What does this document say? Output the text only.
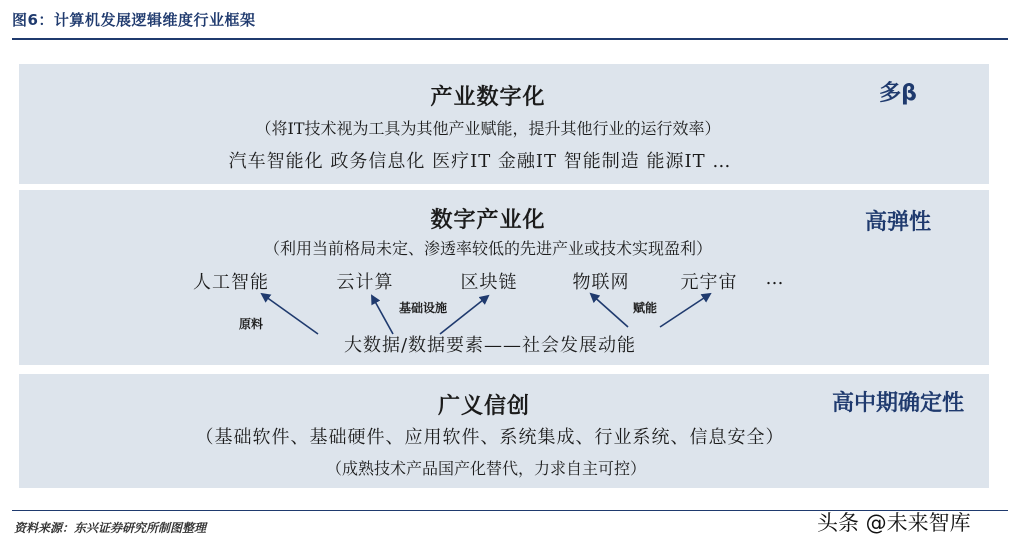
图6：计算机发展逻辑维度行业框架
产业数字化
（将IT技术视为工具为其他产业赋能，提升其他行业的运行效率）
汽车智能化 政务信息化 医疗IT 金融IT 智能制造 能源IT …
多β
数字产业化
（利用当前格局未定、渗透率较低的先进产业或技术实现盈利）
高弹性
人工智能	云计算	区块链	物联网	元宇宙 …
原料
基础设施	赋能
大数据/数据要素——社会发展动能
广义信创
（基础软件、基础硬件、应用软件、系统集成、行业系统、信息安全）
（成熟技术产品国产化替代，力求自主可控）
高中期确定性
资料来源：东兴证券研究所制图整理	头条 @未来智库
